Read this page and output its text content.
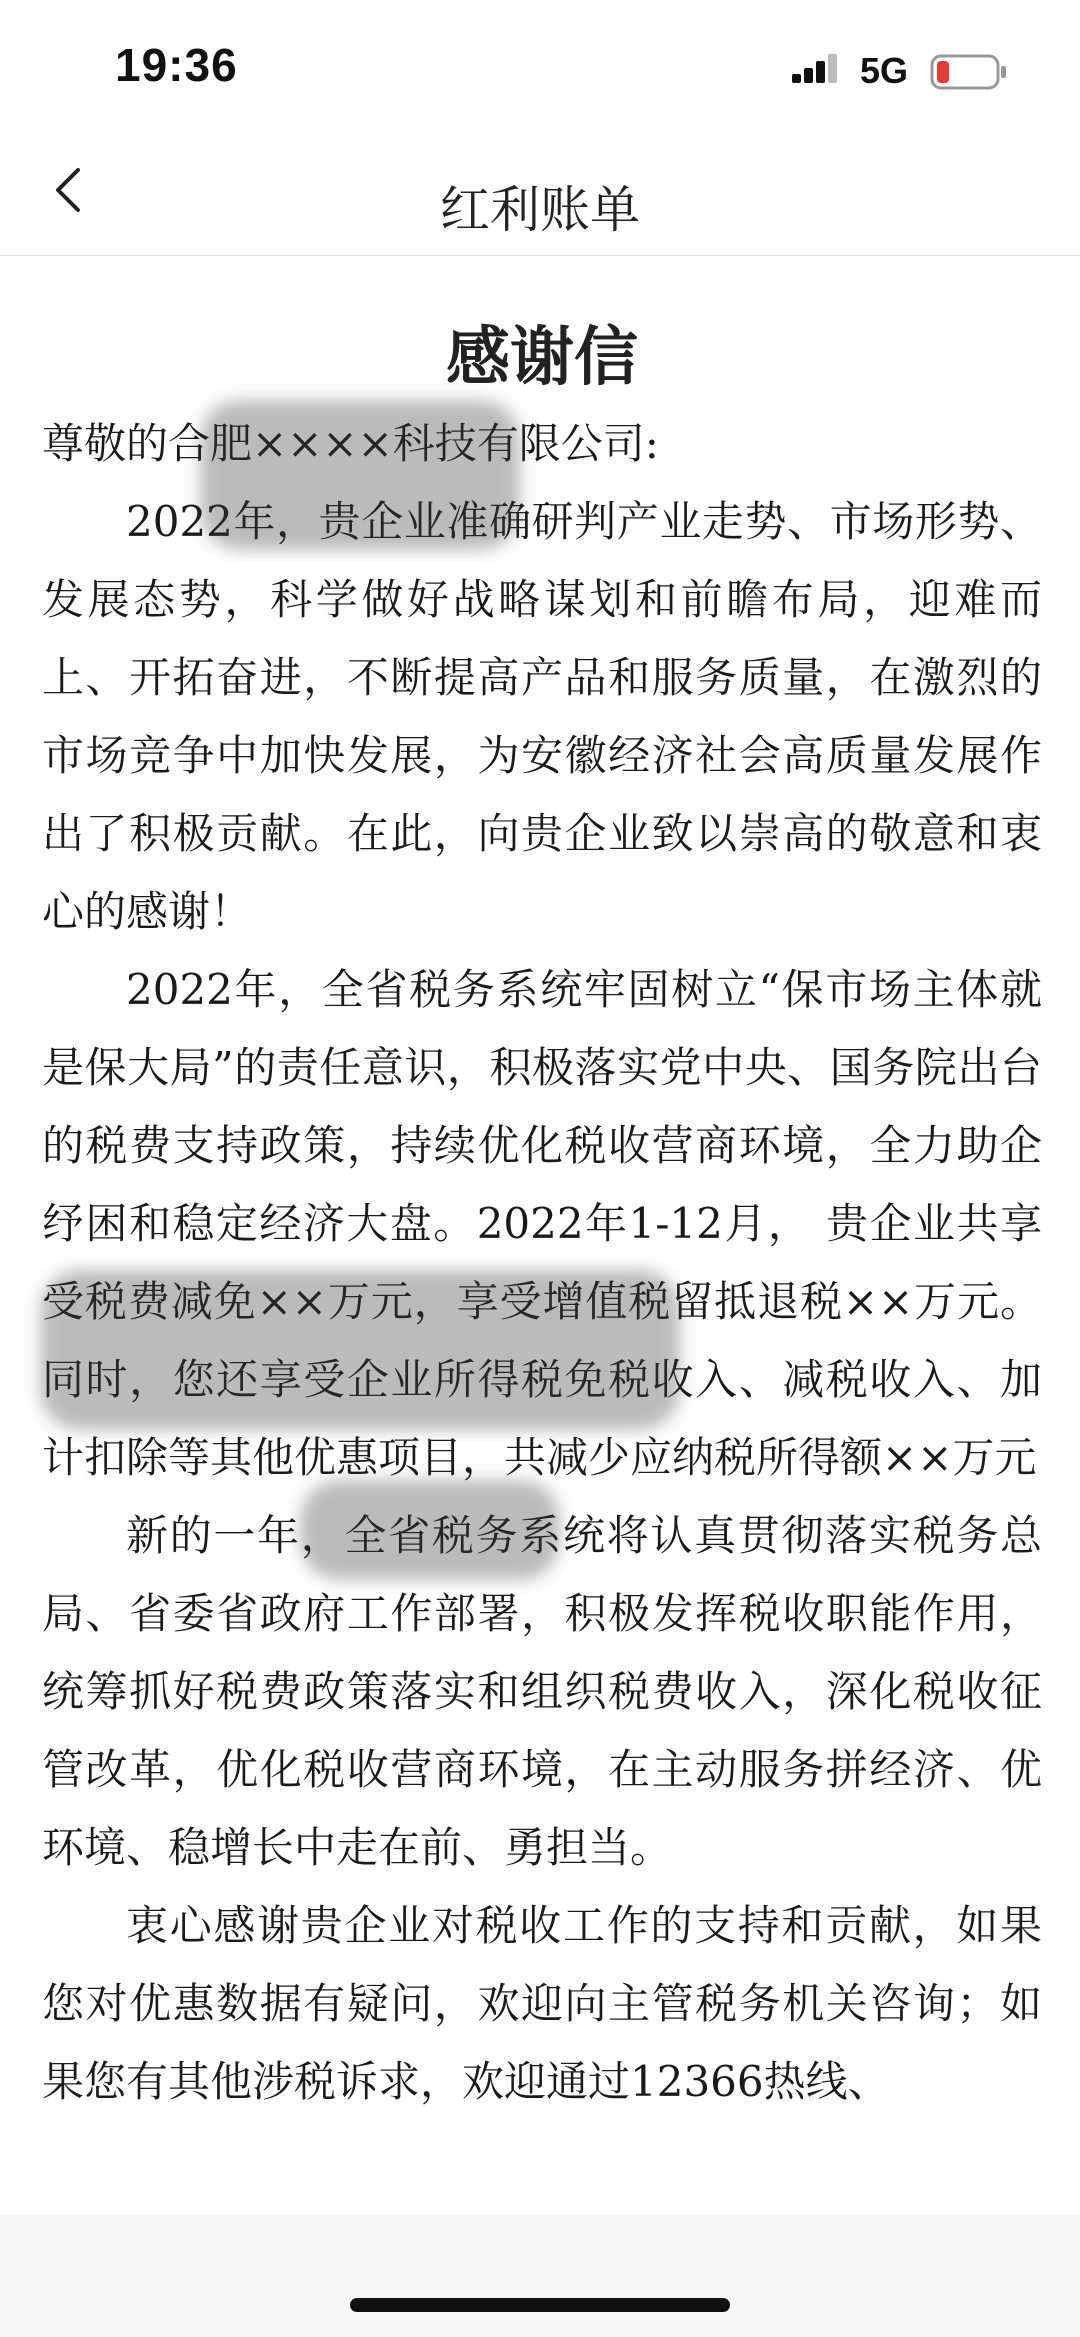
19:36	5G
红利账单
感谢信

尊敬的合肥××××科技有限公司:

2022年，贵企业准确研判产业走势、市场形势、发展态势，科学做好战略谋划和前瞻布局，迎难而上、开拓奋进，不断提高产品和服务质量，在激烈的市场竞争中加快发展，为安徽经济社会高质量发展作出了积极贡献。在此，向贵企业致以崇高的敬意和衷心的感谢！

2022年，全省税务系统牢固树立“保市场主体就是保大局”的责任意识，积极落实党中央、国务院出台的税费支持政策，持续优化税收营商环境，全力助企纾困和稳定经济大盘。2022年1-12月， 贵企业共享受税费减免××万元，享受增值税留抵退税××万元。同时，您还享受企业所得税免税收入、减税收入、加计扣除等其他优惠项目，共减少应纳税所得额××万元

新的一年，全省税务系统将认真贯彻落实税务总局、省委省政府工作部署，积极发挥税收职能作用，统筹抓好税费政策落实和组织税费收入，深化税收征管改革，优化税收营商环境，在主动服务拼经济、优环境、稳增长中走在前、勇担当。

衷心感谢贵企业对税收工作的支持和贡献，如果您对优惠数据有疑问，欢迎向主管税务机关咨询；如果您有其他涉税诉求，欢迎通过12366热线、
